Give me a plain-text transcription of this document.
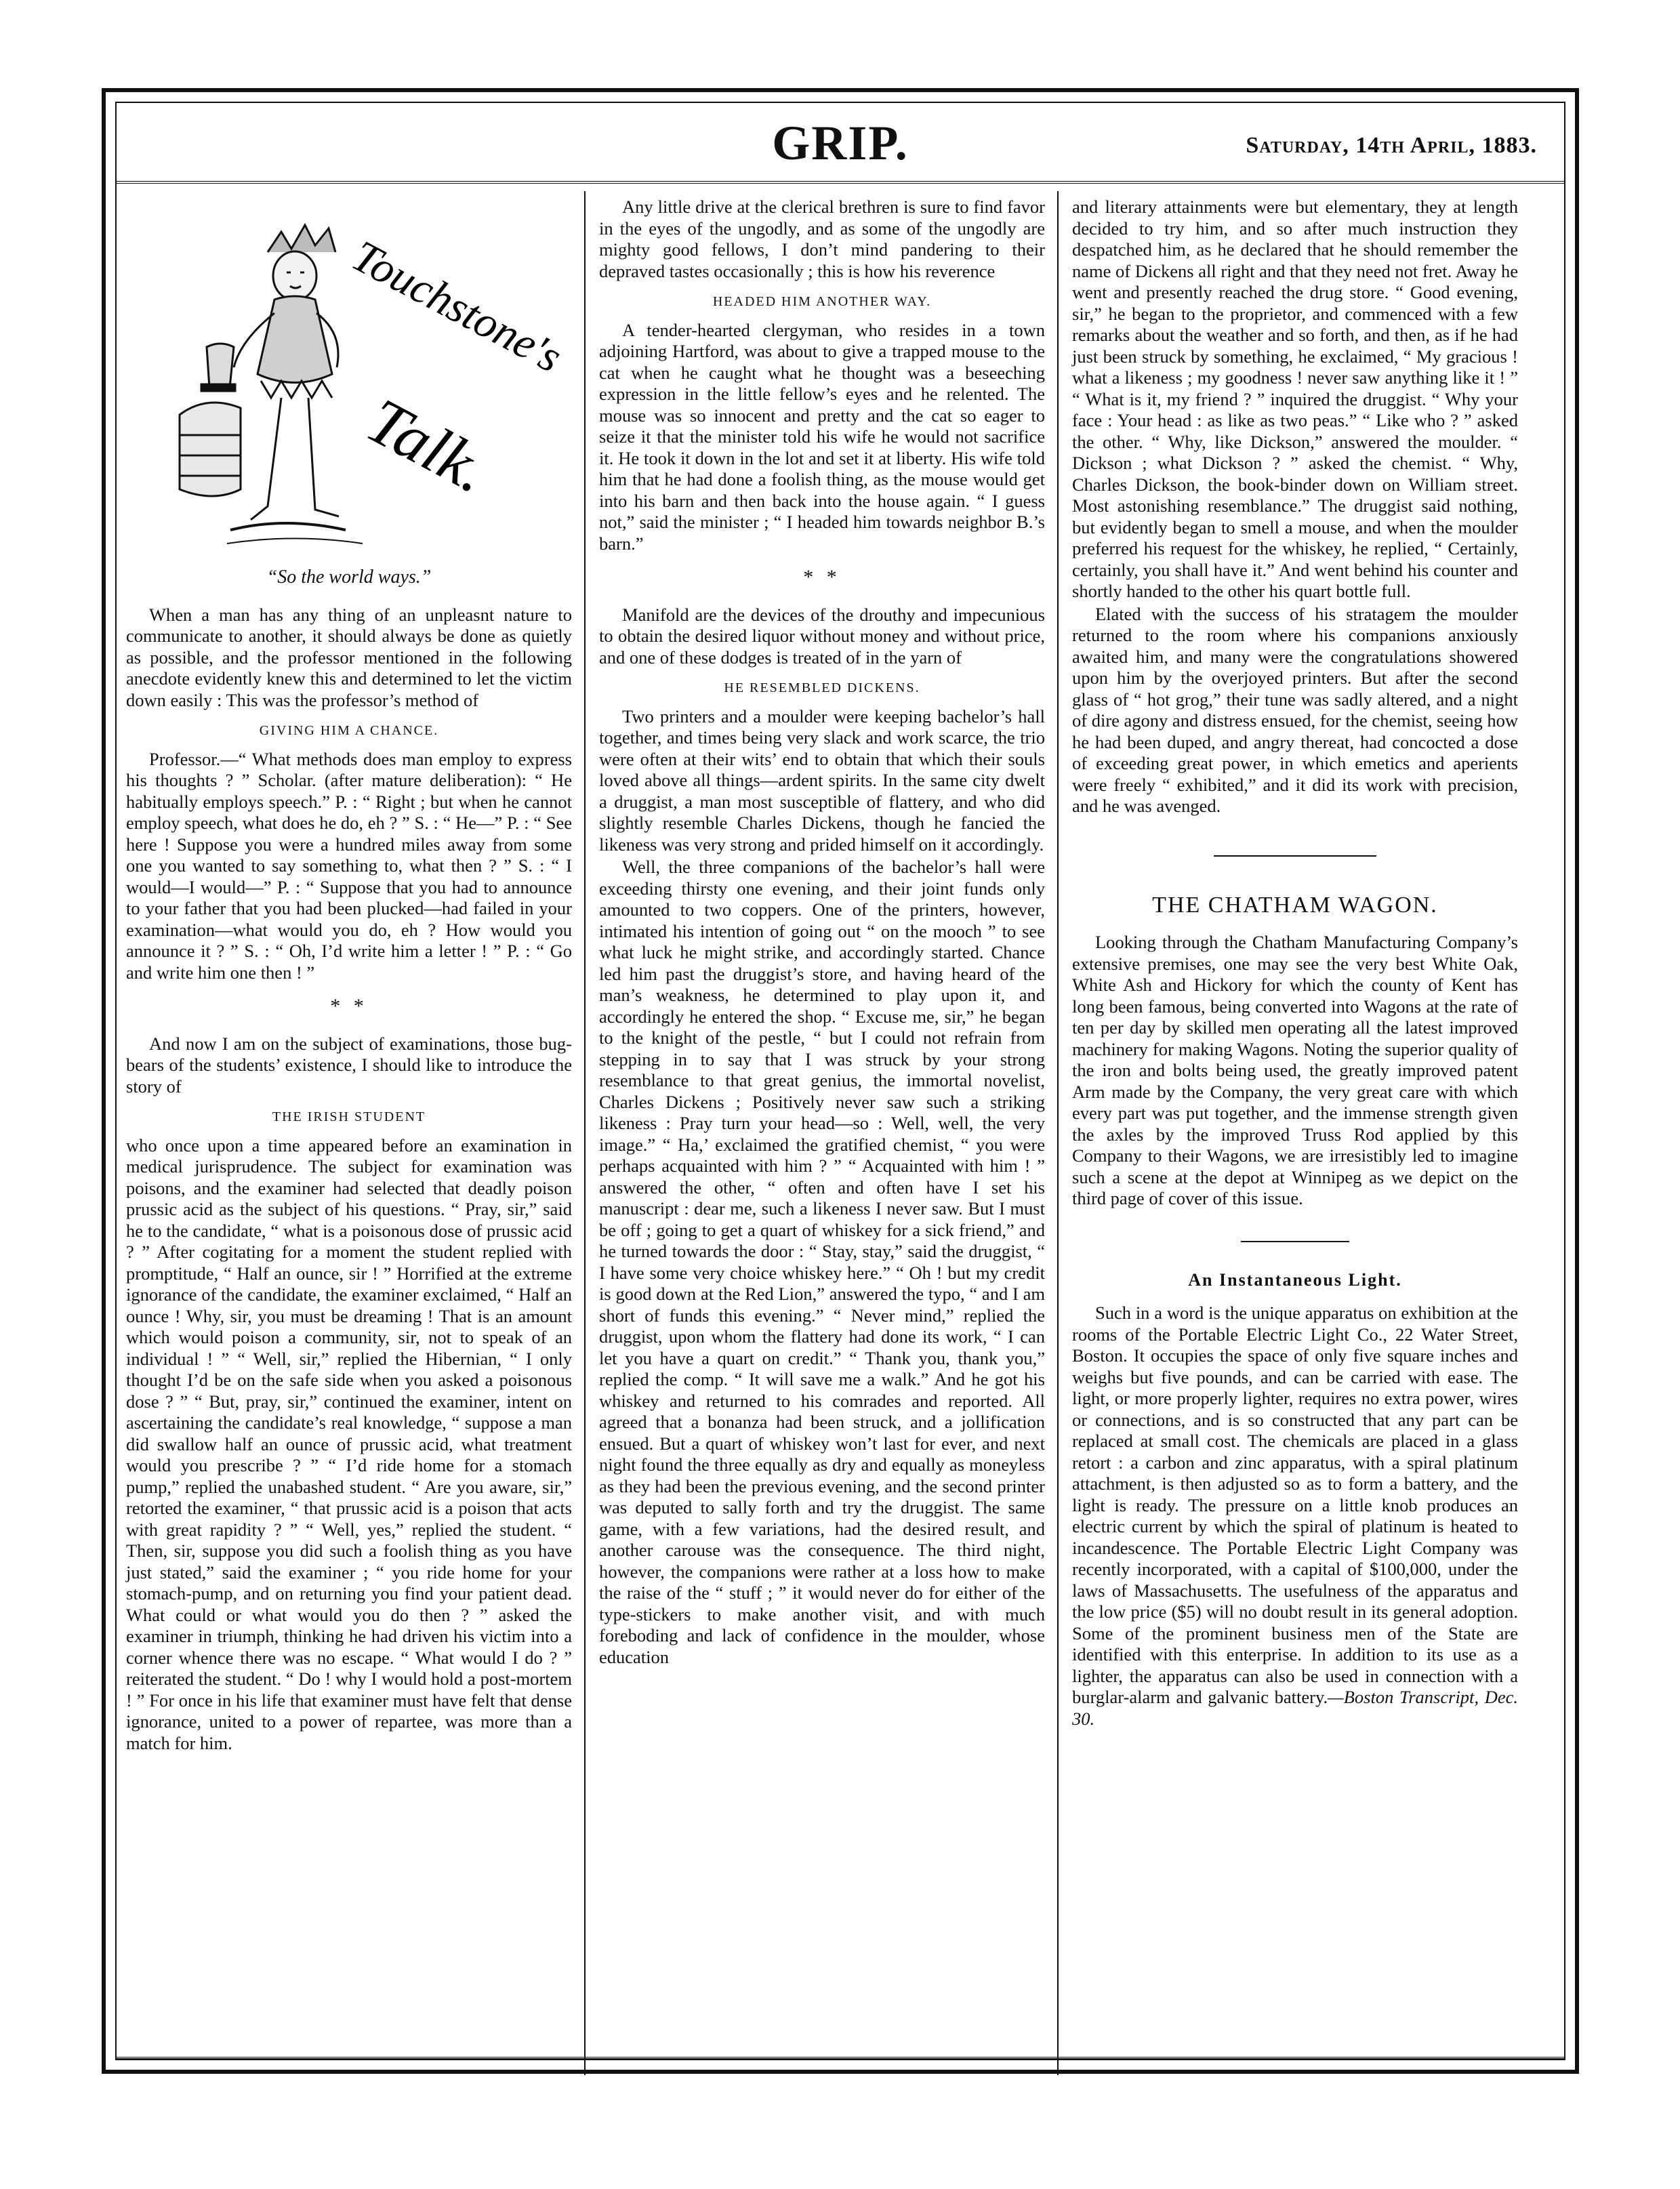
GRIP.	Saturday, 14th April, 1883.
Touchstone's
Talk.
“So the world ways.”

When a man has any thing of an unpleasnt nature to communicate to another, it should always be done as quietly as possible, and the professor mentioned in the following anecdote evidently knew this and determined to let the victim down easily : This was the professor’s method of

GIVING HIM A CHANCE.

Professor.—“ What methods does man employ to express his thoughts ? ” Scholar. (after mature deliberation): “ He habitually employs speech.” P. : “ Right ; but when he cannot employ speech, what does he do, eh ? ” S. : “ He—” P. : “ See here ! Suppose you were a hundred miles away from some one you wanted to say something to, what then ? ” S. : “ I would—I would—” P. : “ Suppose that you had to announce to your father that you had been plucked—had failed in your examination—what would you do, eh ? How would you announce it ? ” S. : “ Oh, I’d write him a letter ! ” P. : “ Go and write him one then ! ”

* *

And now I am on the subject of examinations, those bug-bears of the students’ existence, I should like to introduce the story of

THE IRISH STUDENT

who once upon a time appeared before an examination in medical jurisprudence. The subject for examination was poisons, and the examiner had selected that deadly poison prussic acid as the subject of his questions. “ Pray, sir,” said he to the candidate, “ what is a poisonous dose of prussic acid ? ” After cogitating for a moment the student replied with promptitude, “ Half an ounce, sir ! ” Horrified at the extreme ignorance of the candidate, the examiner exclaimed, “ Half an ounce ! Why, sir, you must be dreaming ! That is an amount which would poison a community, sir, not to speak of an individual ! ” “ Well, sir,” replied the Hibernian, “ I only thought I’d be on the safe side when you asked a poisonous dose ? ” “ But, pray, sir,” continued the examiner, intent on ascertaining the candidate’s real knowledge, “ suppose a man did swallow half an ounce of prussic acid, what treatment would you prescribe ? ” “ I’d ride home for a stomach pump,” replied the unabashed student. “ Are you aware, sir,” retorted the examiner, “ that prussic acid is a poison that acts with great rapidity ? ” “ Well, yes,” replied the student. “ Then, sir, suppose you did such a foolish thing as you have just stated,” said the examiner ; “ you ride home for your stomach-pump, and on returning you find your patient dead. What could or what would you do then ? ” asked the examiner in triumph, thinking he had driven his victim into a corner whence there was no escape. “ What would I do ? ” reiterated the student. “ Do ! why I would hold a post-mortem ! ” For once in his life that examiner must have felt that dense ignorance, united to a power of repartee, was more than a match for him.

Any little drive at the clerical brethren is sure to find favor in the eyes of the ungodly, and as some of the ungodly are mighty good fellows, I don’t mind pandering to their depraved tastes occasionally ; this is how his reverence

HEADED HIM ANOTHER WAY.

A tender-hearted clergyman, who resides in a town adjoining Hartford, was about to give a trapped mouse to the cat when he caught what he thought was a beseeching expression in the little fellow’s eyes and he relented. The mouse was so innocent and pretty and the cat so eager to seize it that the minister told his wife he would not sacrifice it. He took it down in the lot and set it at liberty. His wife told him that he had done a foolish thing, as the mouse would get into his barn and then back into the house again. “ I guess not,” said the minister ; “ I headed him towards neighbor B.’s barn.”

* *

Manifold are the devices of the drouthy and impecunious to obtain the desired liquor without money and without price, and one of these dodges is treated of in the yarn of

HE RESEMBLED DICKENS.

Two printers and a moulder were keeping bachelor’s hall together, and times being very slack and work scarce, the trio were often at their wits’ end to obtain that which their souls loved above all things—ardent spirits. In the same city dwelt a druggist, a man most susceptible of flattery, and who did slightly resemble Charles Dickens, though he fancied the likeness was very strong and prided himself on it accordingly.

Well, the three companions of the bachelor’s hall were exceeding thirsty one evening, and their joint funds only amounted to two coppers. One of the printers, however, intimated his intention of going out “ on the mooch ” to see what luck he might strike, and accordingly started. Chance led him past the druggist’s store, and having heard of the man’s weakness, he determined to play upon it, and accordingly he entered the shop. “ Excuse me, sir,” he began to the knight of the pestle, “ but I could not refrain from stepping in to say that I was struck by your strong resemblance to that great genius, the immortal novelist, Charles Dickens ; Positively never saw such a striking likeness : Pray turn your head—so : Well, well, the very image.” “ Ha,’ exclaimed the gratified chemist, “ you were perhaps acquainted with him ? ” “ Acquainted with him ! ” answered the other, “ often and often have I set his manuscript : dear me, such a likeness I never saw. But I must be off ; going to get a quart of whiskey for a sick friend,” and he turned towards the door : “ Stay, stay,” said the druggist, “ I have some very choice whiskey here.” “ Oh ! but my credit is good down at the Red Lion,” answered the typo, “ and I am short of funds this evening.” “ Never mind,” replied the druggist, upon whom the flattery had done its work, “ I can let you have a quart on credit.” “ Thank you, thank you,” replied the comp. “ It will save me a walk.” And he got his whiskey and returned to his comrades and reported. All agreed that a bonanza had been struck, and a jollification ensued. But a quart of whiskey won’t last for ever, and next night found the three equally as dry and equally as moneyless as they had been the previous evening, and the second printer was deputed to sally forth and try the druggist. The same game, with a few variations, had the desired result, and another carouse was the consequence. The third night, however, the companions were rather at a loss how to make the raise of the “ stuff ; ” it would never do for either of the type-stickers to make another visit, and with much foreboding and lack of confidence in the moulder, whose education

and literary attainments were but elementary, they at length decided to try him, and so after much instruction they despatched him, as he declared that he should remember the name of Dickens all right and that they need not fret. Away he went and presently reached the drug store. “ Good evening, sir,” he began to the proprietor, and commenced with a few remarks about the weather and so forth, and then, as if he had just been struck by something, he exclaimed, “ My gracious ! what a likeness ; my goodness ! never saw anything like it ! ” “ What is it, my friend ? ” inquired the druggist. “ Why your face : Your head : as like as two peas.” “ Like who ? ” asked the other. “ Why, like Dickson,” answered the moulder. “ Dickson ; what Dickson ? ” asked the chemist. “ Why, Charles Dickson, the book-binder down on William street. Most astonishing resemblance.” The druggist said nothing, but evidently began to smell a mouse, and when the moulder preferred his request for the whiskey, he replied, “ Certainly, certainly, you shall have it.” And went behind his counter and shortly handed to the other his quart bottle full.

Elated with the success of his stratagem the moulder returned to the room where his companions anxiously awaited him, and many were the congratulations showered upon him by the overjoyed printers. But after the second glass of “ hot grog,” their tune was sadly altered, and a night of dire agony and distress ensued, for the chemist, seeing how he had been duped, and angry thereat, had concocted a dose of exceeding great power, in which emetics and aperients were freely “ exhibited,” and it did its work with precision, and he was avenged.

THE CHATHAM WAGON.

Looking through the Chatham Manufacturing Company’s extensive premises, one may see the very best White Oak, White Ash and Hickory for which the county of Kent has long been famous, being converted into Wagons at the rate of ten per day by skilled men operating all the latest improved machinery for making Wagons. Noting the superior quality of the iron and bolts being used, the greatly improved patent Arm made by the Company, the very great care with which every part was put together, and the immense strength given the axles by the improved Truss Rod applied by this Company to their Wagons, we are irresistibly led to imagine such a scene at the depot at Winnipeg as we depict on the third page of cover of this issue.

An Instantaneous Light.

Such in a word is the unique apparatus on exhibition at the rooms of the Portable Electric Light Co., 22 Water Street, Boston. It occupies the space of only five square inches and weighs but five pounds, and can be carried with ease. The light, or more properly lighter, requires no extra power, wires or connections, and is so constructed that any part can be replaced at small cost. The chemicals are placed in a glass retort : a carbon and zinc apparatus, with a spiral platinum attachment, is then adjusted so as to form a battery, and the light is ready. The pressure on a little knob produces an electric current by which the spiral of platinum is heated to incandescence. The Portable Electric Light Company was recently incorporated, with a capital of $100,000, under the laws of Massachusetts. The usefulness of the apparatus and the low price ($5) will no doubt result in its general adoption. Some of the prominent business men of the State are identified with this enterprise. In addition to its use as a lighter, the apparatus can also be used in connection with a burglar-alarm and galvanic battery.—Boston Transcript, Dec. 30.
